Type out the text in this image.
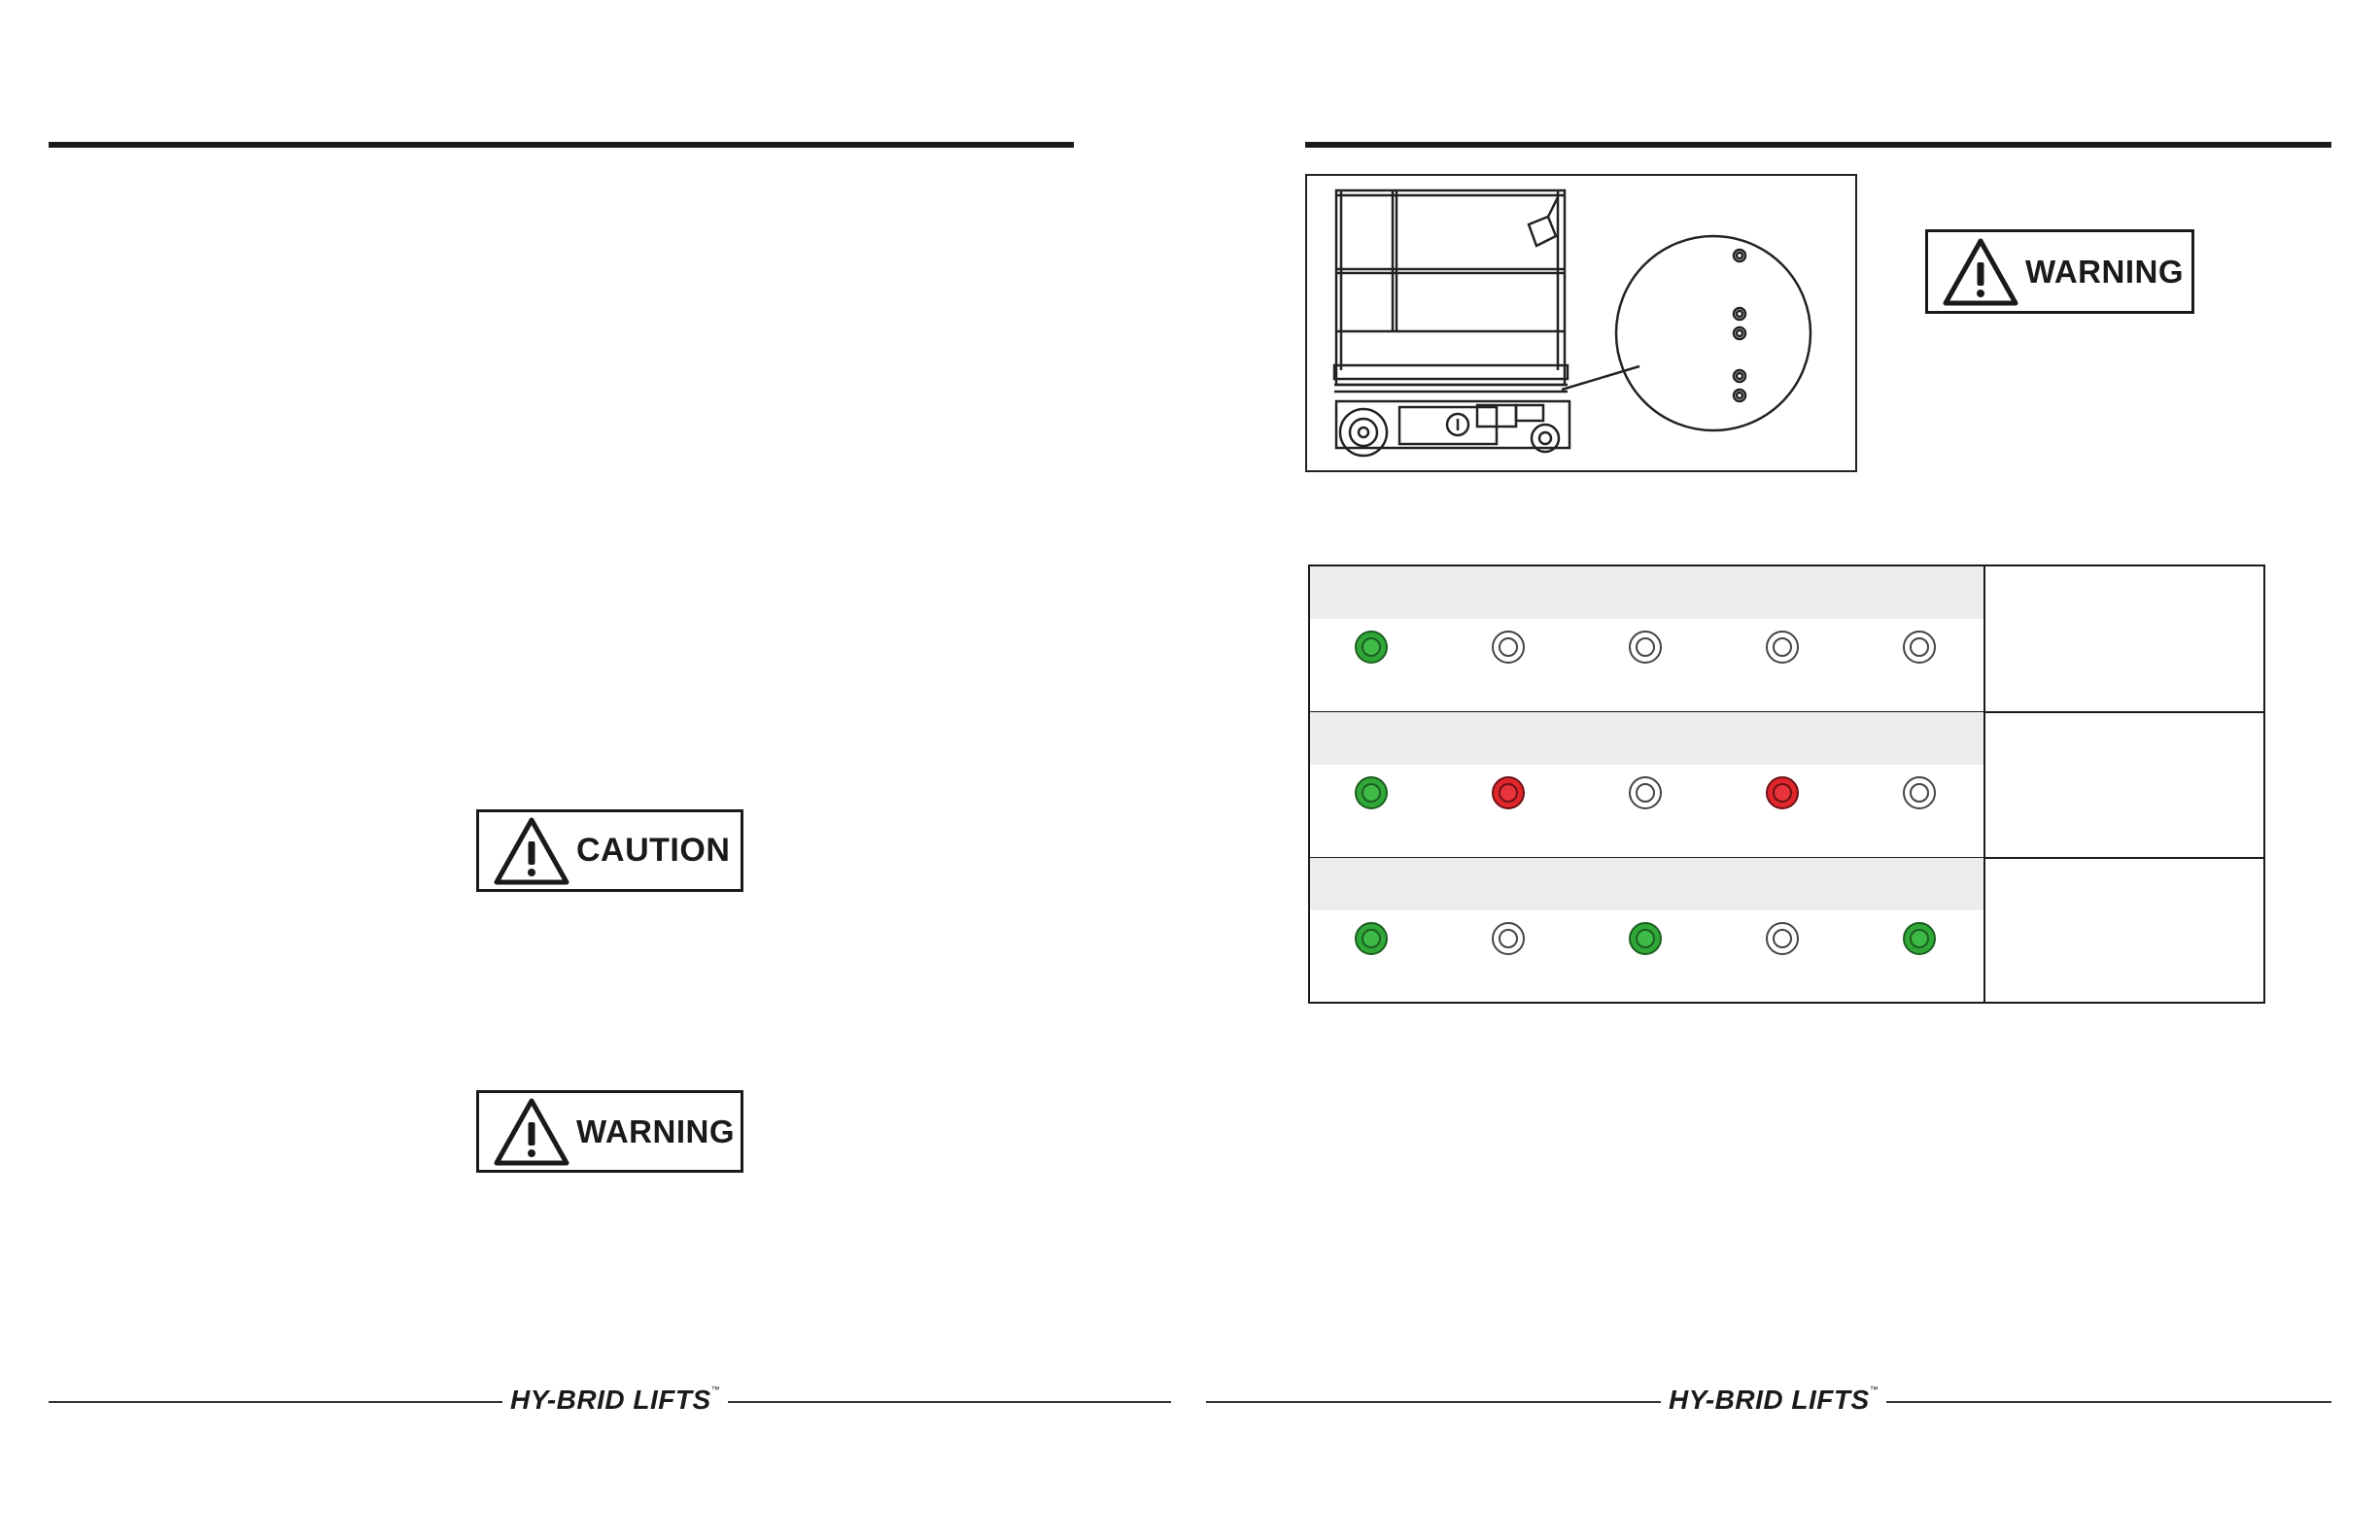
CAUTION
WARNING
HY-BRID LIFTS™
WARNING
HY-BRID LIFTS™
